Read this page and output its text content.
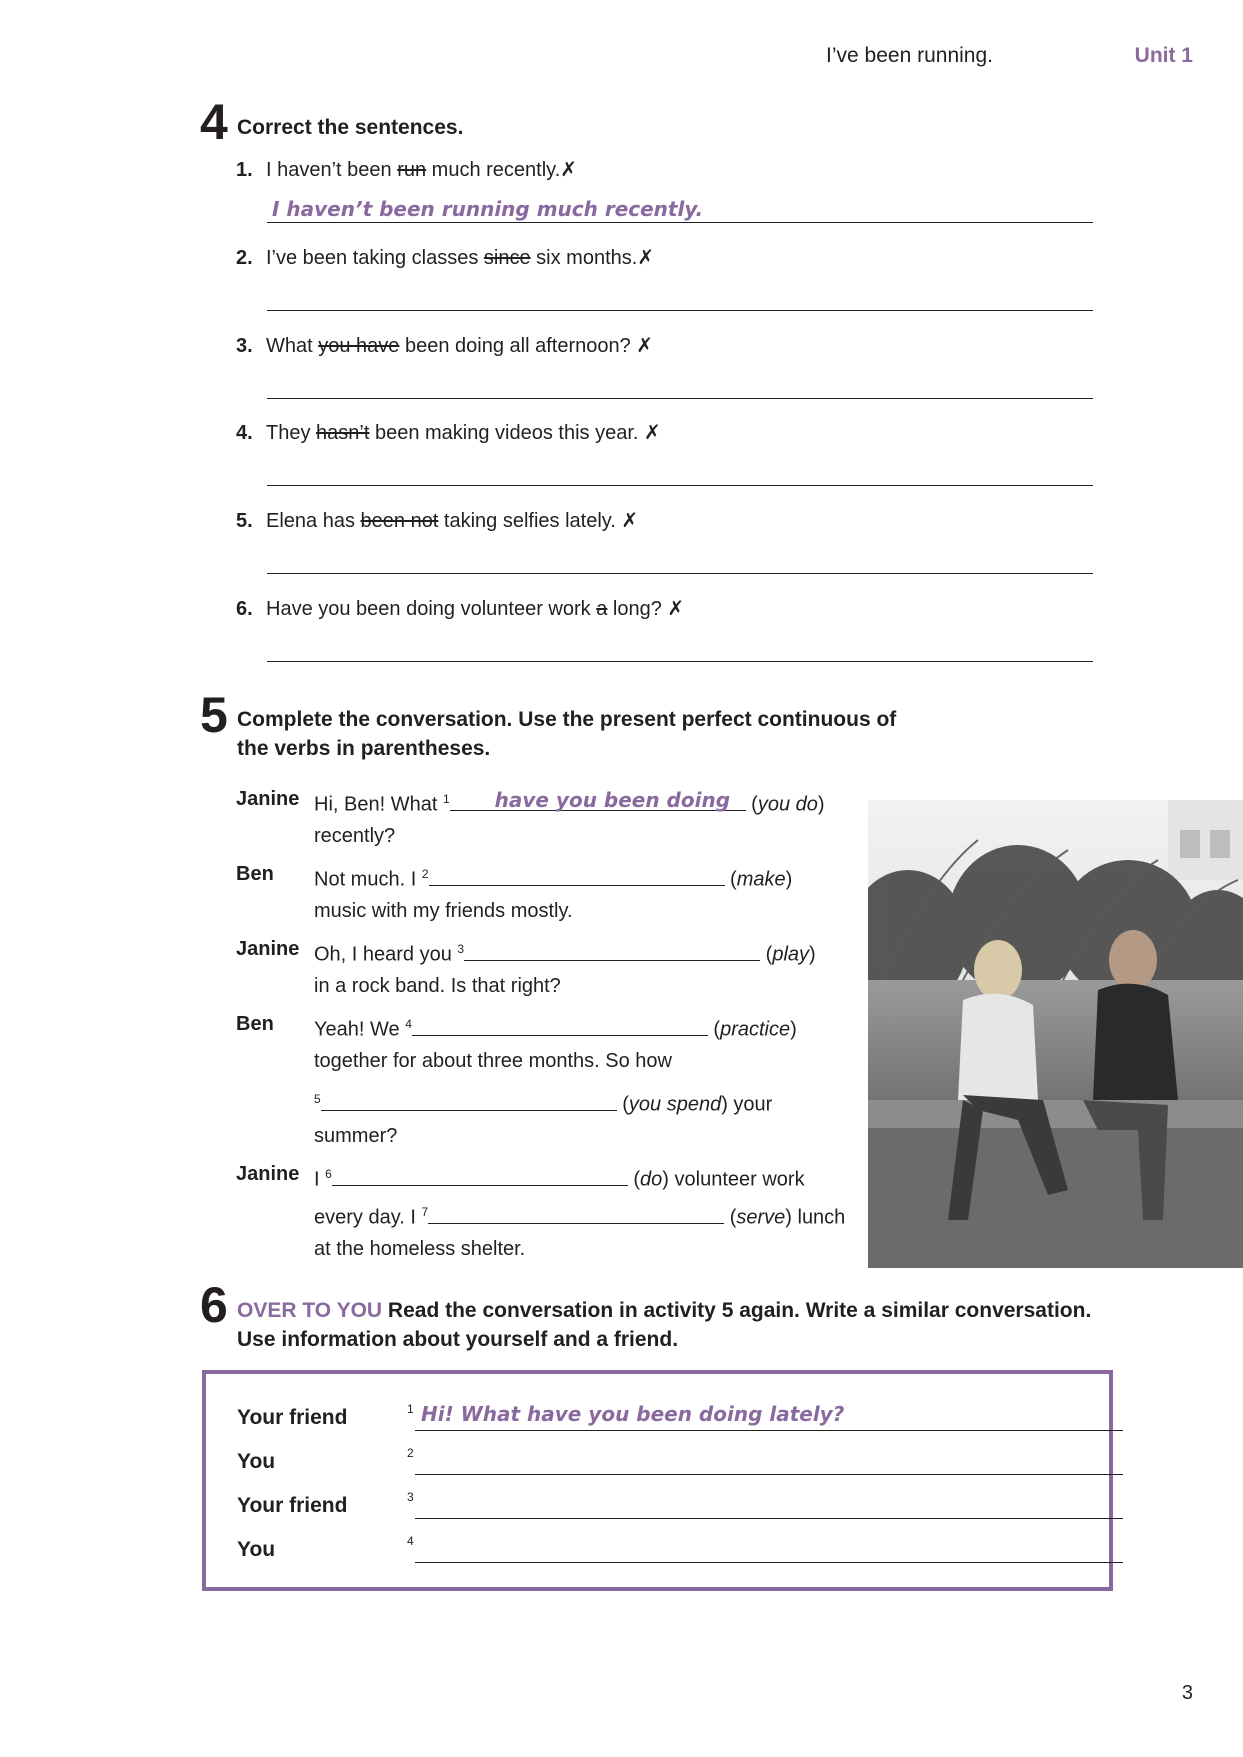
I’ve been running.	Unit 1
4 Correct the sentences.
1. I haven’t been run much recently.✗
I haven’t been running much recently.
2. I’ve been taking classes since six months.✗
3. What you have been doing all afternoon? ✗
4. They hasn’t been making videos this year. ✗
5. Elena has been not taking selfies lately. ✗
6. Have you been doing volunteer work a long? ✗
5 Complete the conversation. Use the present perfect continuous of
the verbs in parentheses.
Janine Hi, Ben! What $^1$ have you been doing (you do)
recently?
Ben Not much. I $^2$	(make)
music with my friends mostly.
Janine Oh, I heard you $^3$	(play)
in a rock band. Is that right?
Ben Yeah! We $^4$	(practice)
together for about three months. So how
$^5$	(you spend) your
summer?
Janine I $^6$	(do) volunteer work
every day. I $^7$	(serve) lunch
at the homeless shelter.
6 OVER TO YOU Read the conversation in activity 5 again. Write a similar conversation.
Use information about yourself and a friend.
Your friend	1 Hi! What have you been doing lately?
You	2
Your friend	3
You	4
3
